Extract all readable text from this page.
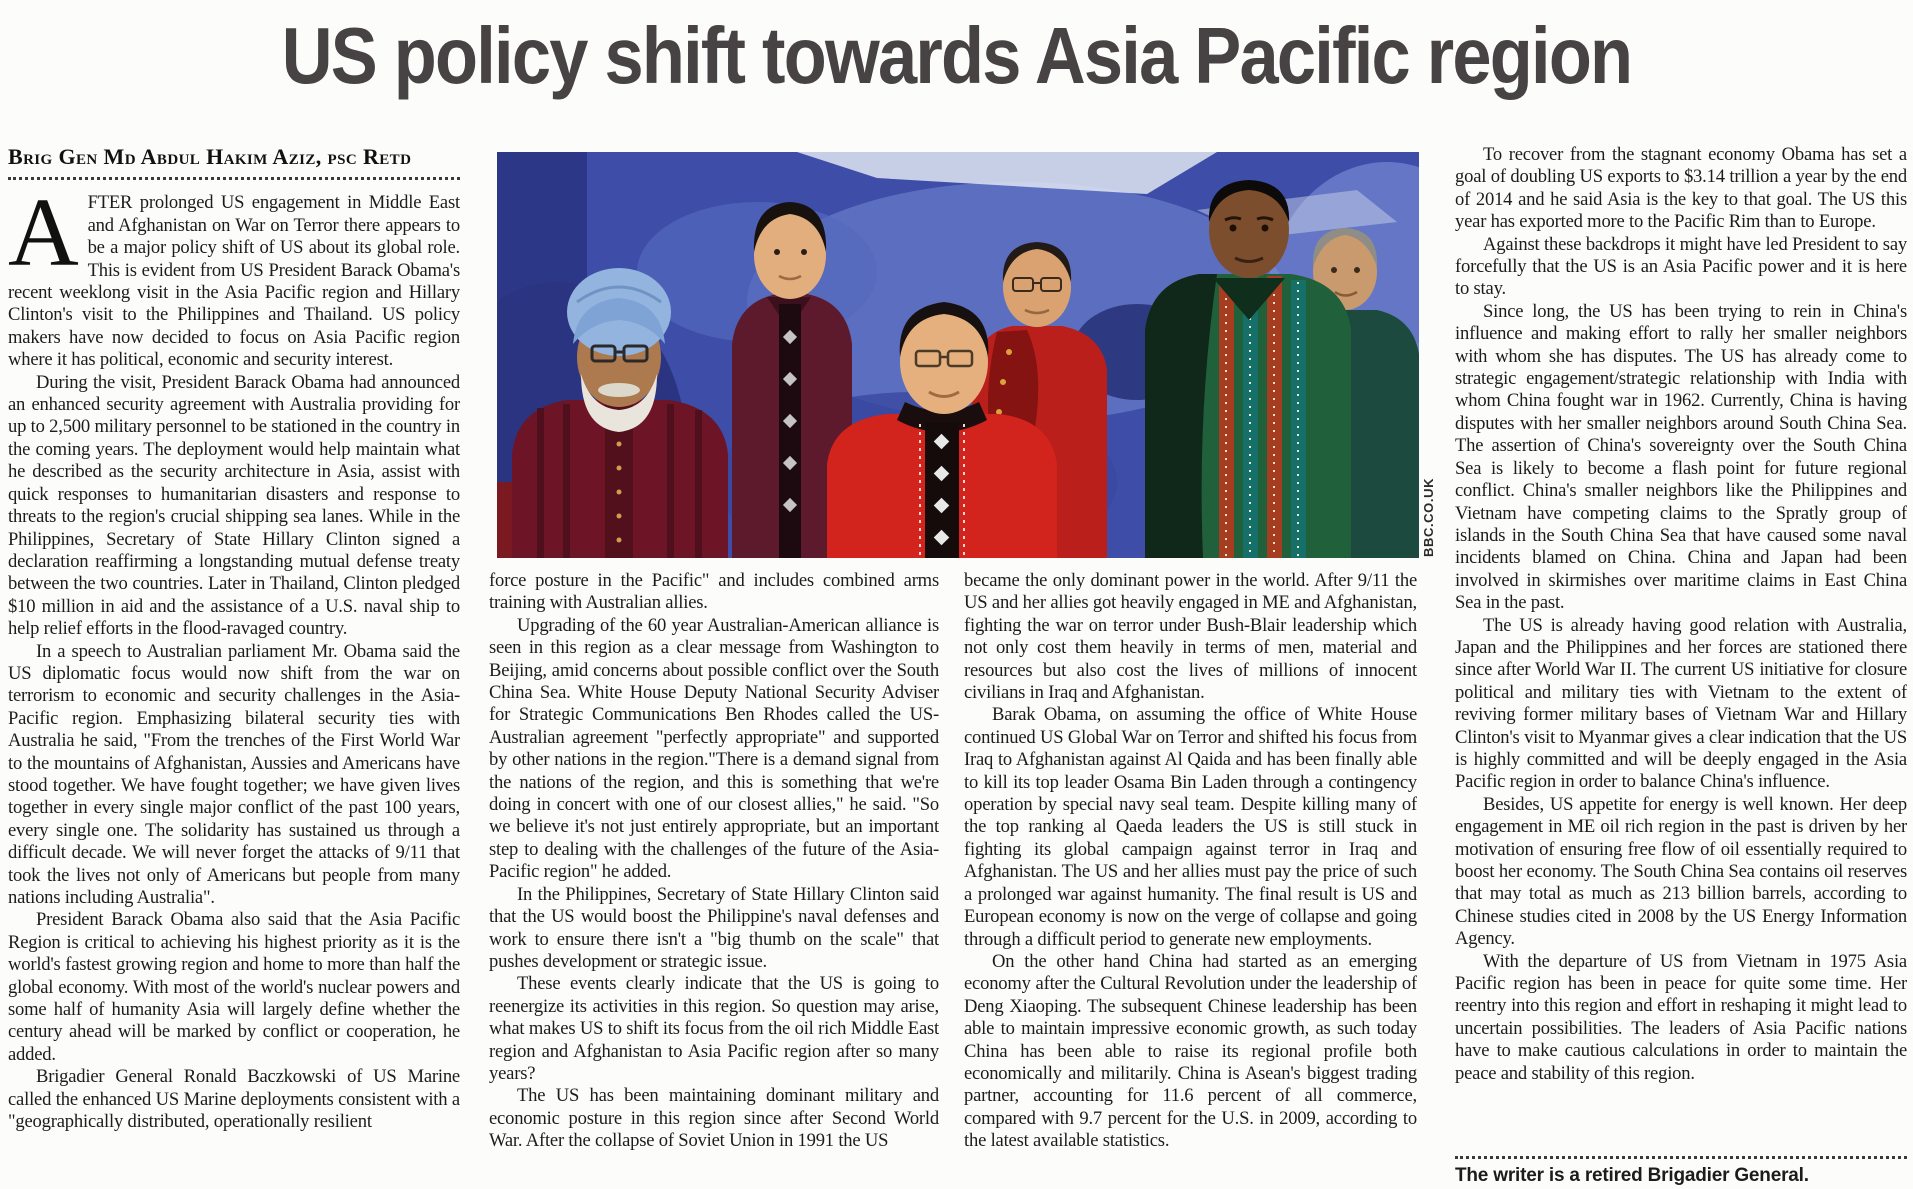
US policy shift towards Asia Pacific region
Brig Gen Md Abdul Hakim Aziz, psc Retd

AFTER prolonged US engagement in Middle East and Afghanistan on War on Terror there appears to be a major policy shift of US about its global role. This is evident from US President Barack Obama's recent weeklong visit in the Asia Pacific region and Hillary Clinton's visit to the Philippines and Thailand. US policy makers have now decided to focus on Asia Pacific region where it has political, economic and security interest.

During the visit, President Barack Obama had announced an enhanced security agreement with Australia providing for up to 2,500 military personnel to be stationed in the country in the coming years. The deployment would help maintain what he described as the security architecture in Asia, assist with quick responses to humanitarian disasters and response to threats to the region's crucial shipping sea lanes. While in the Philippines, Secretary of State Hillary Clinton signed a declaration reaffirming a longstanding mutual defense treaty between the two countries. Later in Thailand, Clinton pledged $10 million in aid and the assistance of a U.S. naval ship to help relief efforts in the flood-ravaged country.

In a speech to Australian parliament Mr. Obama said the US diplomatic focus would now shift from the war on terrorism to economic and security challenges in the Asia-Pacific region. Emphasizing bilateral security ties with Australia he said, "From the trenches of the First World War to the mountains of Afghanistan, Aussies and Americans have stood together. We have fought together; we have given lives together in every single major conflict of the past 100 years, every single one. The solidarity has sustained us through a difficult decade. We will never forget the attacks of 9/11 that took the lives not only of Americans but people from many nations including Australia".

President Barack Obama also said that the Asia Pacific Region is critical to achieving his highest priority as it is the world's fastest growing region and home to more than half the global economy. With most of the world's nuclear powers and some half of humanity Asia will largely define whether the century ahead will be marked by conflict or cooperation, he added.

Brigadier General Ronald Baczkowski of US Marine called the enhanced US Marine deployments consistent with a "geographically distributed, operationally resilient

BBC.CO.UK

force posture in the Pacific" and includes combined arms training with Australian allies.

Upgrading of the 60 year Australian-American alliance is seen in this region as a clear message from Washington to Beijing, amid concerns about possible conflict over the South China Sea. White House Deputy National Security Adviser for Strategic Communications Ben Rhodes called the US-Australian agreement "perfectly appropriate" and supported by other nations in the region."There is a demand signal from the nations of the region, and this is something that we're doing in concert with one of our closest allies," he said. "So we believe it's not just entirely appropriate, but an important step to dealing with the challenges of the future of the Asia-Pacific region" he added.

In the Philippines, Secretary of State Hillary Clinton said that the US would boost the Philippine's naval defenses and work to ensure there isn't a "big thumb on the scale" that pushes development or strategic issue.

These events clearly indicate that the US is going to reenergize its activities in this region. So question may arise, what makes US to shift its focus from the oil rich Middle East region and Afghanistan to Asia Pacific region after so many years?

The US has been maintaining dominant military and economic posture in this region since after Second World War. After the collapse of Soviet Union in 1991 the US

became the only dominant power in the world. After 9/11 the US and her allies got heavily engaged in ME and Afghanistan, fighting the war on terror under Bush-Blair leadership which not only cost them heavily in terms of men, material and resources but also cost the lives of millions of innocent civilians in Iraq and Afghanistan.

Barak Obama, on assuming the office of White House continued US Global War on Terror and shifted his focus from Iraq to Afghanistan against Al Qaida and has been finally able to kill its top leader Osama Bin Laden through a contingency operation by special navy seal team. Despite killing many of the top ranking al Qaeda leaders the US is still stuck in fighting its global campaign against terror in Iraq and Afghanistan. The US and her allies must pay the price of such a prolonged war against humanity. The final result is US and European economy is now on the verge of collapse and going through a difficult period to generate new employments.

On the other hand China had started as an emerging economy after the Cultural Revolution under the leadership of Deng Xiaoping. The subsequent Chinese leadership has been able to maintain impressive economic growth, as such today China has been able to raise its regional profile both economically and militarily. China is Asean's biggest trading partner, accounting for 11.6 percent of all commerce, compared with 9.7 percent for the U.S. in 2009, according to the latest available statistics.

To recover from the stagnant economy Obama has set a goal of doubling US exports to $3.14 trillion a year by the end of 2014 and he said Asia is the key to that goal. The US this year has exported more to the Pacific Rim than to Europe.

Against these backdrops it might have led President to say forcefully that the US is an Asia Pacific power and it is here to stay.

Since long, the US has been trying to rein in China's influence and making effort to rally her smaller neighbors with whom she has disputes. The US has already come to strategic engagement/strategic relationship with India with whom China fought war in 1962. Currently, China is having disputes with her smaller neighbors around South China Sea. The assertion of China's sovereignty over the South China Sea is likely to become a flash point for future regional conflict. China's smaller neighbors like the Philippines and Vietnam have competing claims to the Spratly group of islands in the South China Sea that have caused some naval incidents blamed on China. China and Japan had been involved in skirmishes over maritime claims in East China Sea in the past.

The US is already having good relation with Australia, Japan and the Philippines and her forces are stationed there since after World War II. The current US initiative for closure political and military ties with Vietnam to the extent of reviving former military bases of Vietnam War and Hillary Clinton's visit to Myanmar gives a clear indication that the US is highly committed and will be deeply engaged in the Asia Pacific region in order to balance China's influence.

Besides, US appetite for energy is well known. Her deep engagement in ME oil rich region in the past is driven by her motivation of ensuring free flow of oil essentially required to boost her economy. The South China Sea contains oil reserves that may total as much as 213 billion barrels, according to Chinese studies cited in 2008 by the US Energy Information Agency.

With the departure of US from Vietnam in 1975 Asia Pacific region has been in peace for quite some time. Her reentry into this region and effort in reshaping it might lead to uncertain possibilities. The leaders of Asia Pacific nations have to make cautious calculations in order to maintain the peace and stability of this region.

The writer is a retired Brigadier General.
